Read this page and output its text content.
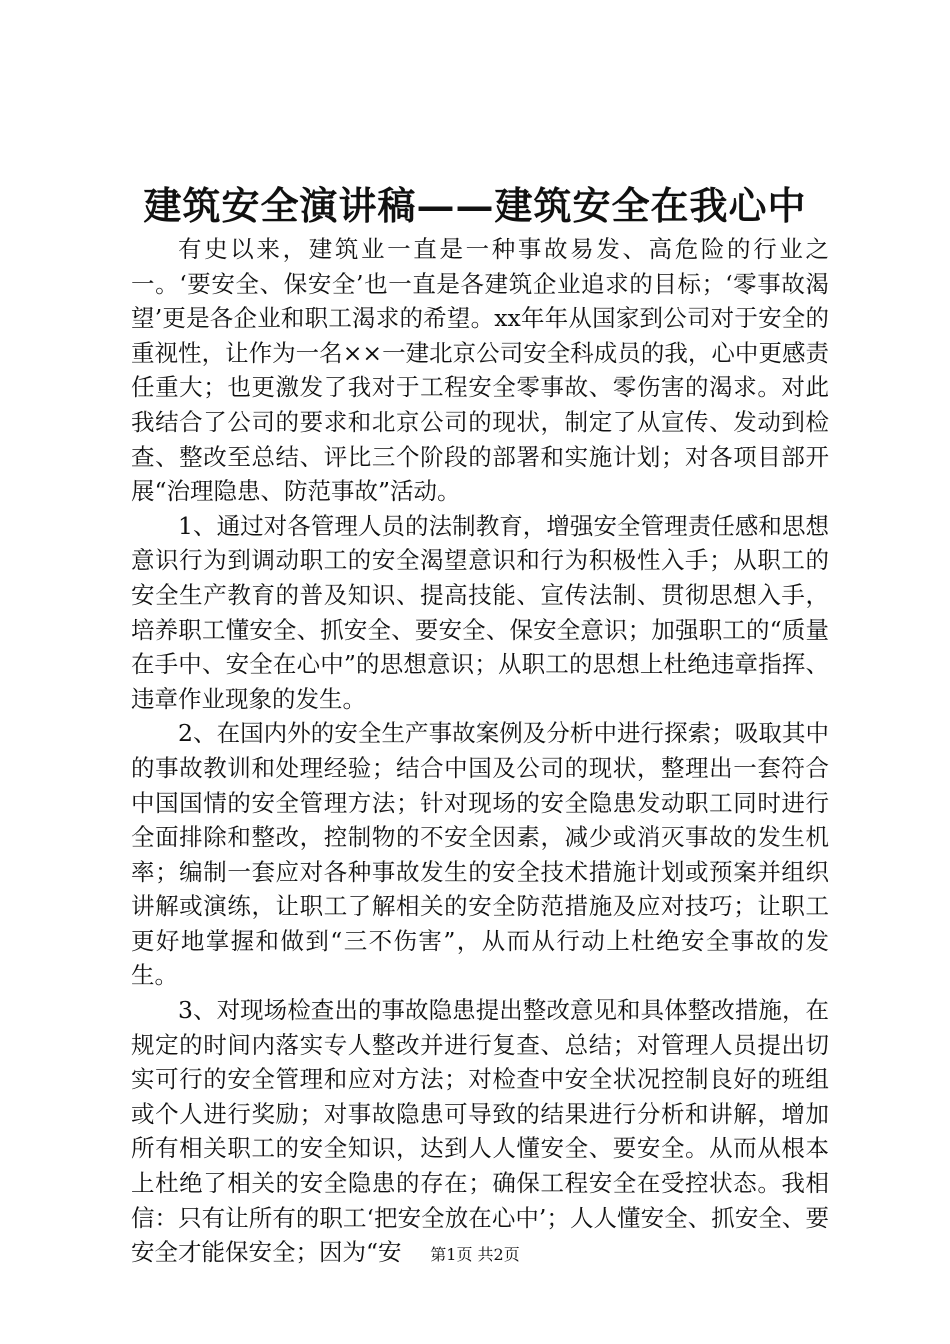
建筑安全演讲稿——建筑安全在我心中

有史以来，建筑业一直是一种事故易发、高危险的行业之一。‘要安全、保安全’也一直是各建筑企业追求的目标；‘零事故渴望’更是各企业和职工渴求的希望。xx年年从国家到公司对于安全的重视性，让作为一名××一建北京公司安全科成员的我，心中更感责任重大；也更激发了我对于工程安全零事故、零伤害的渴求。对此我结合了公司的要求和北京公司的现状，制定了从宣传、发动到检查、整改至总结、评比三个阶段的部署和实施计划；对各项目部开展“治理隐患、防范事故”活动。

1、通过对各管理人员的法制教育，增强安全管理责任感和思想意识行为到调动职工的安全渴望意识和行为积极性入手；从职工的安全生产教育的普及知识、提高技能、宣传法制、贯彻思想入手，培养职工懂安全、抓安全、要安全、保安全意识；加强职工的“质量在手中、安全在心中”的思想意识；从职工的思想上杜绝违章指挥、违章作业现象的发生。

2、在国内外的安全生产事故案例及分析中进行探索；吸取其中的事故教训和处理经验；结合中国及公司的现状，整理出一套符合中国国情的安全管理方法；针对现场的安全隐患发动职工同时进行全面排除和整改，控制物的不安全因素，减少或消灭事故的发生机率；编制一套应对各种事故发生的安全技术措施计划或预案并组织讲解或演练，让职工了解相关的安全防范措施及应对技巧；让职工更好地掌握和做到“三不伤害”，从而从行动上杜绝安全事故的发生。

3、对现场检查出的事故隐患提出整改意见和具体整改措施，在规定的时间内落实专人整改并进行复查、总结；对管理人员提出切实可行的安全管理和应对方法；对检查中安全状况控制良好的班组或个人进行奖励；对事故隐患可导致的结果进行分析和讲解，增加所有相关职工的安全知识，达到人人懂安全、要安全。从而从根本上杜绝了相关的安全隐患的存在；确保工程安全在受控状态。我相信：只有让所有的职工‘把安全放在心中’；人人懂安全、抓安全、要安全才能保安全；因为“安	第1页 共2页
